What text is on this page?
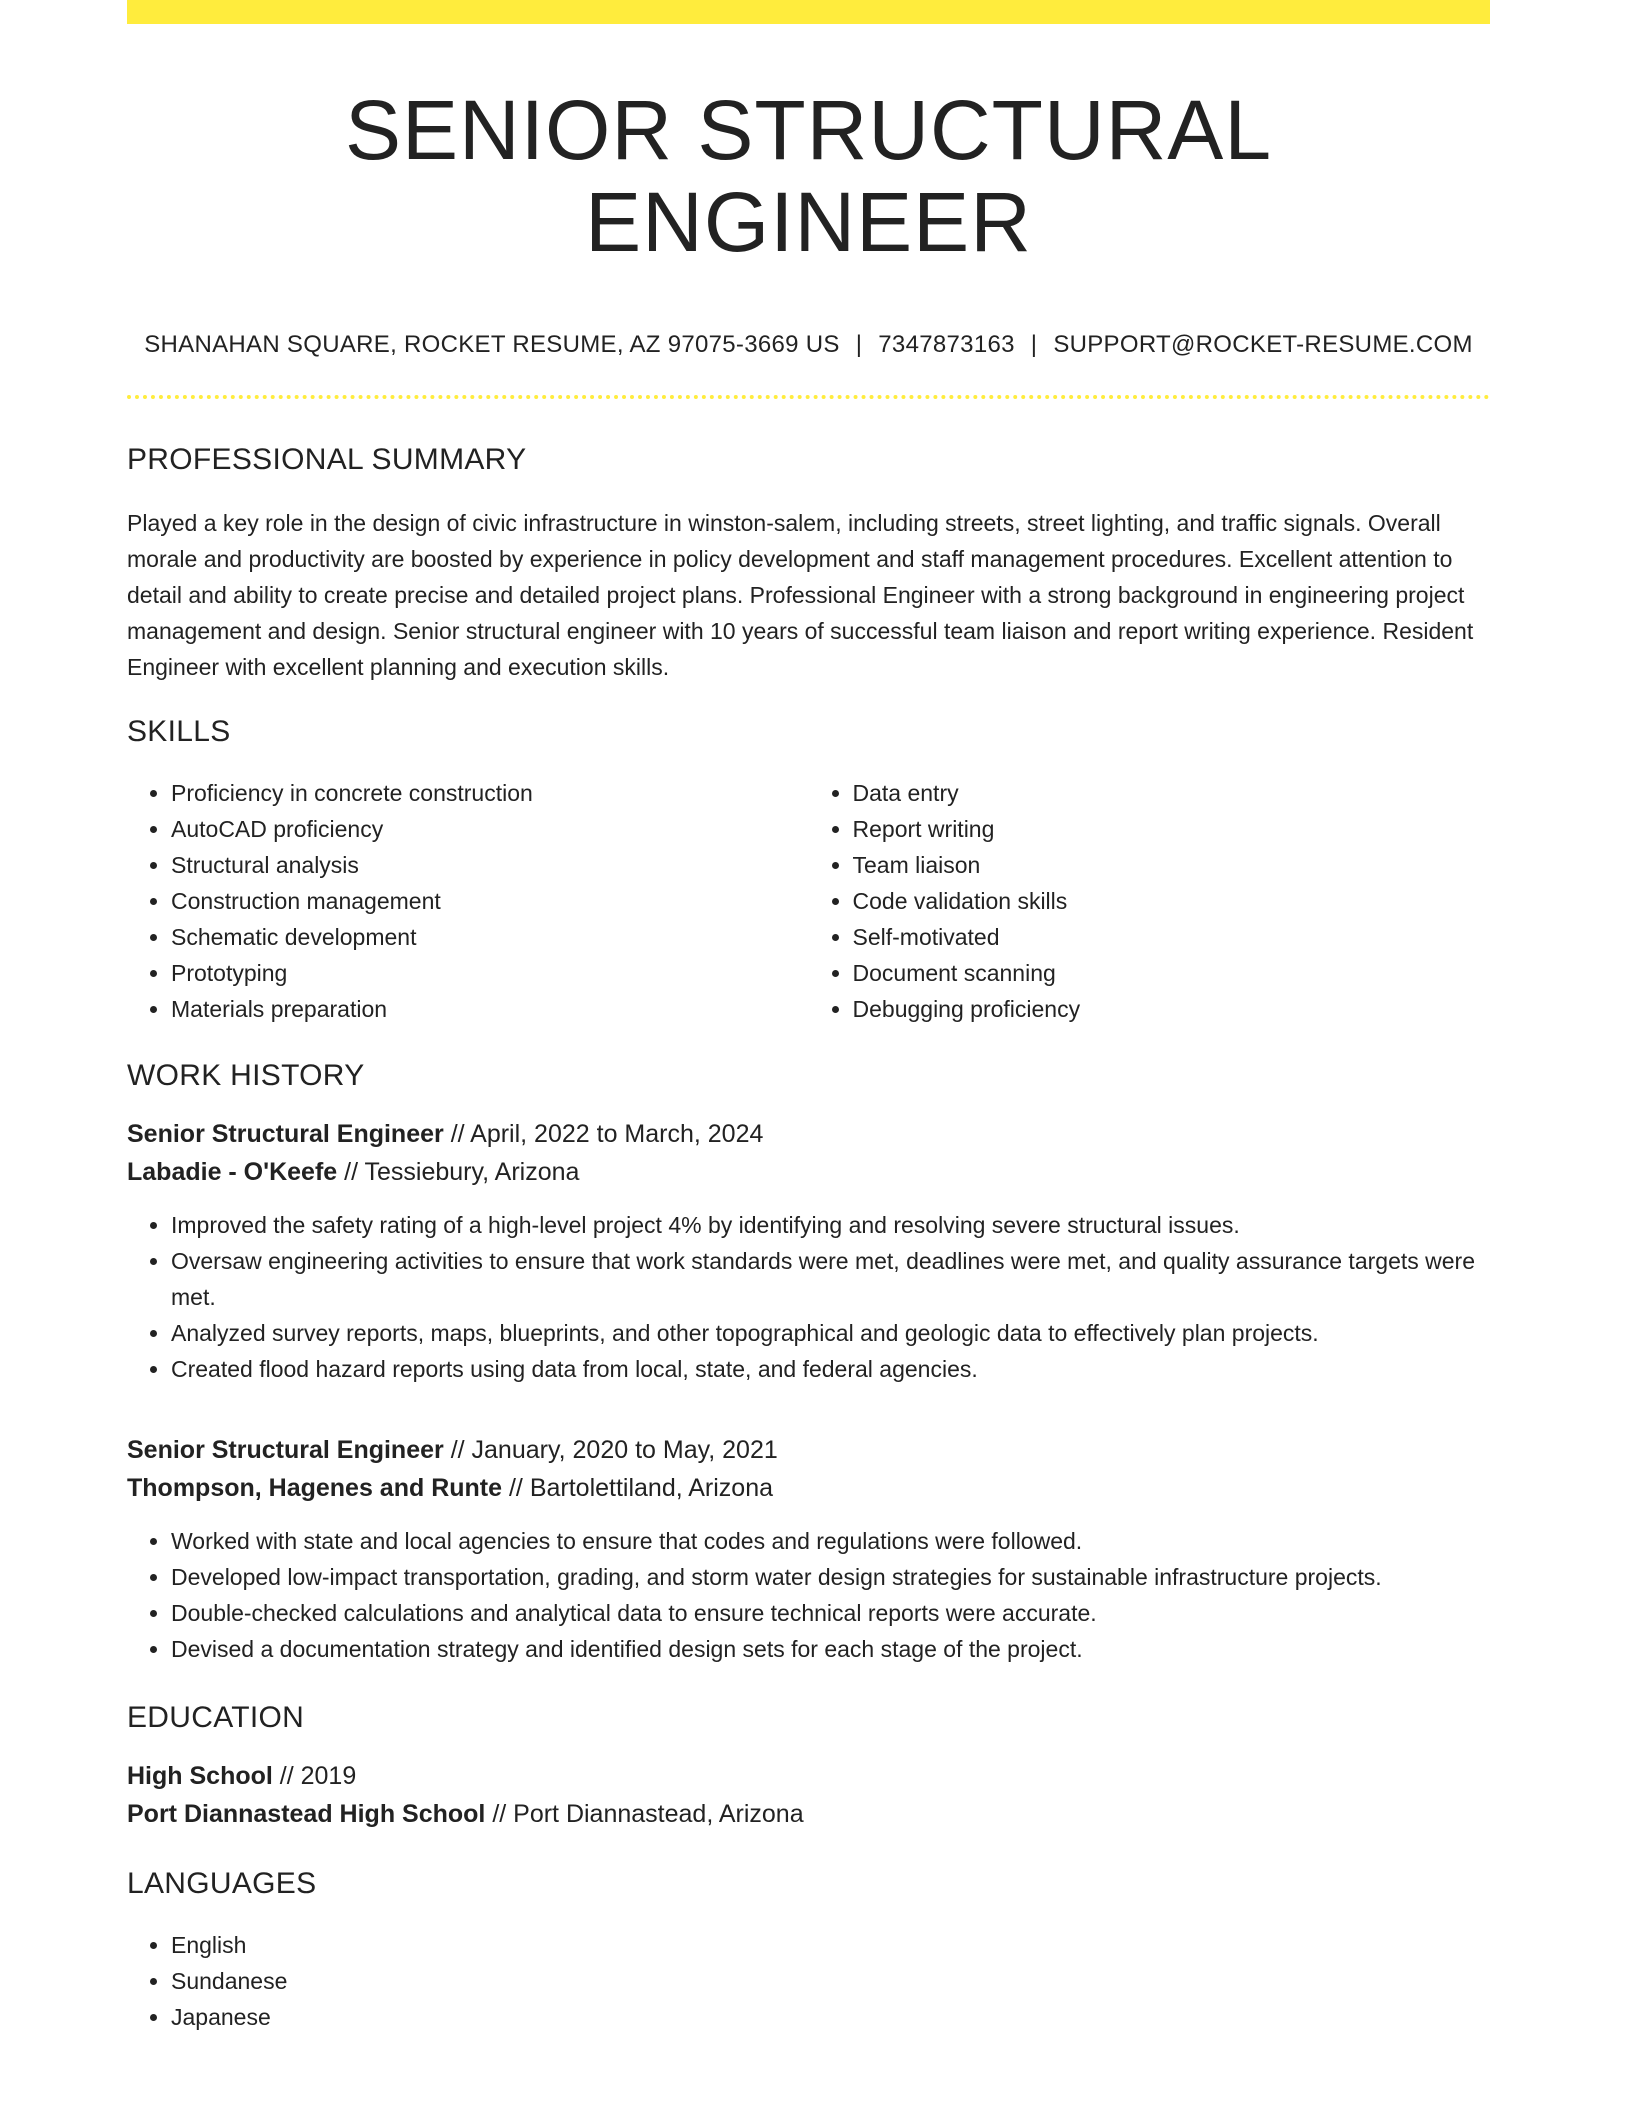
SENIOR STRUCTURAL ENGINEER
SHANAHAN SQUARE, ROCKET RESUME, AZ 97075-3669 US | 7347873163 | SUPPORT@ROCKET-RESUME.COM
PROFESSIONAL SUMMARY

Played a key role in the design of civic infrastructure in winston-salem, including streets, street lighting, and traffic signals. Overall morale and productivity are boosted by experience in policy development and staff management procedures. Excellent attention to detail and ability to create precise and detailed project plans. Professional Engineer with a strong background in engineering project management and design. Senior structural engineer with 10 years of successful team liaison and report writing experience. Resident Engineer with excellent planning and execution skills.

SKILLS
• Proficiency in concrete construction
• AutoCAD proficiency
• Structural analysis
• Construction management
• Schematic development
• Prototyping
• Materials preparation
• Data entry
• Report writing
• Team liaison
• Code validation skills
• Self-motivated
• Document scanning
• Debugging proficiency
WORK HISTORY
Senior Structural Engineer // April, 2022 to March, 2024
Labadie - O'Keefe // Tessiebury, Arizona
• Improved the safety rating of a high-level project 4% by identifying and resolving severe structural issues.
• Oversaw engineering activities to ensure that work standards were met, deadlines were met, and quality assurance targets were met.
• Analyzed survey reports, maps, blueprints, and other topographical and geologic data to effectively plan projects.
• Created flood hazard reports using data from local, state, and federal agencies.
Senior Structural Engineer // January, 2020 to May, 2021
Thompson, Hagenes and Runte // Bartolettiland, Arizona
• Worked with state and local agencies to ensure that codes and regulations were followed.
• Developed low-impact transportation, grading, and storm water design strategies for sustainable infrastructure projects.
• Double-checked calculations and analytical data to ensure technical reports were accurate.
• Devised a documentation strategy and identified design sets for each stage of the project.
EDUCATION
High School // 2019
Port Diannastead High School // Port Diannastead, Arizona
LANGUAGES
• English
• Sundanese
• Japanese
